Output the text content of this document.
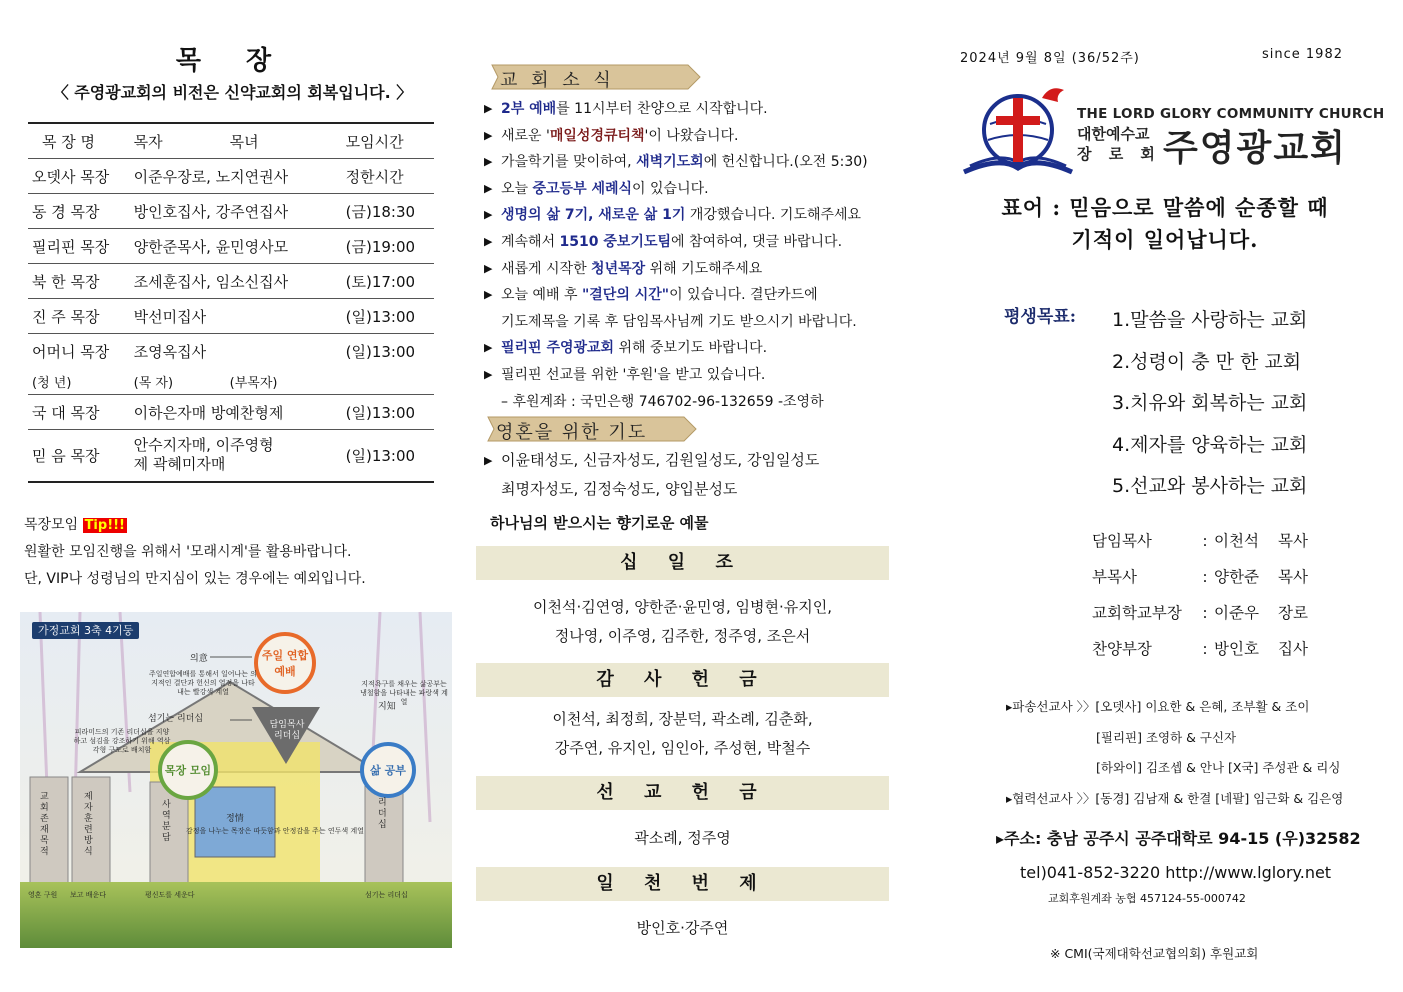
목 장
〈 주영광교회의 비전은 신약교회의 회복입니다. 〉
목 장 명	목자	목녀	모임시간
오뎃사 목장	이준우장로, 노지연권사		정한시간
동 경 목장	방인호집사, 강주연집사		(금)18:30
필리핀 목장	양한준목사, 윤민영사모		(금)19:00
북 한 목장	조세훈집사, 임소신집사		(토)17:00
진 주 목장	박선미집사		(일)13:00
어머니 목장	조영옥집사		(일)13:00
(청 년)	(목 자)	(부목자)	
국 대 목장	이하은자매 방예찬형제		(일)13:00
믿 음 목장	안수지자매, 이주영형제 곽혜미자매		(일)13:00
목장모임 Tip!!!
원활한 모임진행을 위해서 '모래시계'를 활용바랍니다.
단, VIP나 성령님의 만지심이 있는 경우에는 예외입니다.
가정교회 3축 4기둥
주일 연합예배
목장 모임	삶 공부
담임목사 리더십
의意
지知
정情
섬기는 리더십
주일연합예배를 통해서 일어나는 의지적인 결단과 헌신의 열정을 나타내는 빨강색 계열
지적욕구를 채우는 삶공부는 냉철함을 나타내는 파랑색 계열
피라미드의 기존 리더십을 지양하고 섬김을 강조하기 위해 역삼각형 구도로 배치함
감정을 나누는 목장은 따듯함과 안정감을 주는 연두색 계열
교회존재목적
제자훈련방식
사역분담
리더십
영혼 구원 보고 배운다	평신도를 세운다	섬기는 리더십
교 회 소 식
▶ 2부 예배를 11시부터 찬양으로 시작합니다.
▶ 새로운 '매일성경큐티책'이 나왔습니다.
▶ 가을학기를 맞이하여, 새벽기도회에 헌신합니다.(오전 5:30)
▶ 오늘 중고등부 세례식이 있습니다.
▶ 생명의 삶 7기, 새로운 삶 1기 개강했습니다. 기도해주세요
▶ 계속해서 1510 중보기도팀에 참여하여, 댓글 바랍니다.
▶ 새롭게 시작한 청년목장 위해 기도해주세요
▶ 오늘 예배 후 "결단의 시간"이 있습니다. 결단카드에
기도제목을 기록 후 담임목사님께 기도 받으시기 바랍니다.
▶ 필리핀 주영광교회 위해 중보기도 바랍니다.
▶ 필리핀 선교를 위한 '후원'을 받고 있습니다.
– 후원계좌 : 국민은행 746702-96-132659 -조영하
영혼을 위한 기도
▶ 이윤태성도, 신금자성도, 김원일성도, 강임일성도
최명자성도, 김정숙성도, 양입분성도
하나님의 받으시는 향기로운 예물
십 일 조
이천석·김연영, 양한준·윤민영, 임병현·유지인,
정나영, 이주영, 김주한, 정주영, 조은서
감 사 헌 금
이천석, 최정희, 장분덕, 곽소례, 김춘화,
강주연, 유지인, 임인아, 주성현, 박철수
선 교 헌 금
곽소례, 정주영
일 천 번 제
방인호·강주연
2024년 9월 8일 (36/52주)	since 1982
THE LORD GLORY COMMUNITY CHURCH
대한예수교
장 로 회 주영광교회
표어 : 믿음으로 말씀에 순종할 때
기적이 일어납니다.
평생목표: 1.말씀을 사랑하는 교회
2.성령이 충 만 한 교회
3.치유와 회복하는 교회
4.제자를 양육하는 교회
5.선교와 봉사하는 교회
담임목사	: 이천석	목사
부목사	: 양한준	목사
교회학교부장	: 이준우	장로
찬양부장	: 방인호	집사
▸파송선교사 〉〉[오뎃사] 이요한 & 은혜, 조부활 & 조이
[필리핀] 조영하 & 구신자
[하와이] 김조셉 & 안나 [X국] 주성관 & 리싱
▸협력선교사 〉〉[동경] 김남재 & 한결 [네팔] 임근화 & 김은영
▸주소: 충남 공주시 공주대학로 94-15 (우)32582
tel)041-852-3220 http://www.lglory.net
교회후원계좌 농협 457124-55-000742
※ CMI(국제대학선교협의회) 후원교회
